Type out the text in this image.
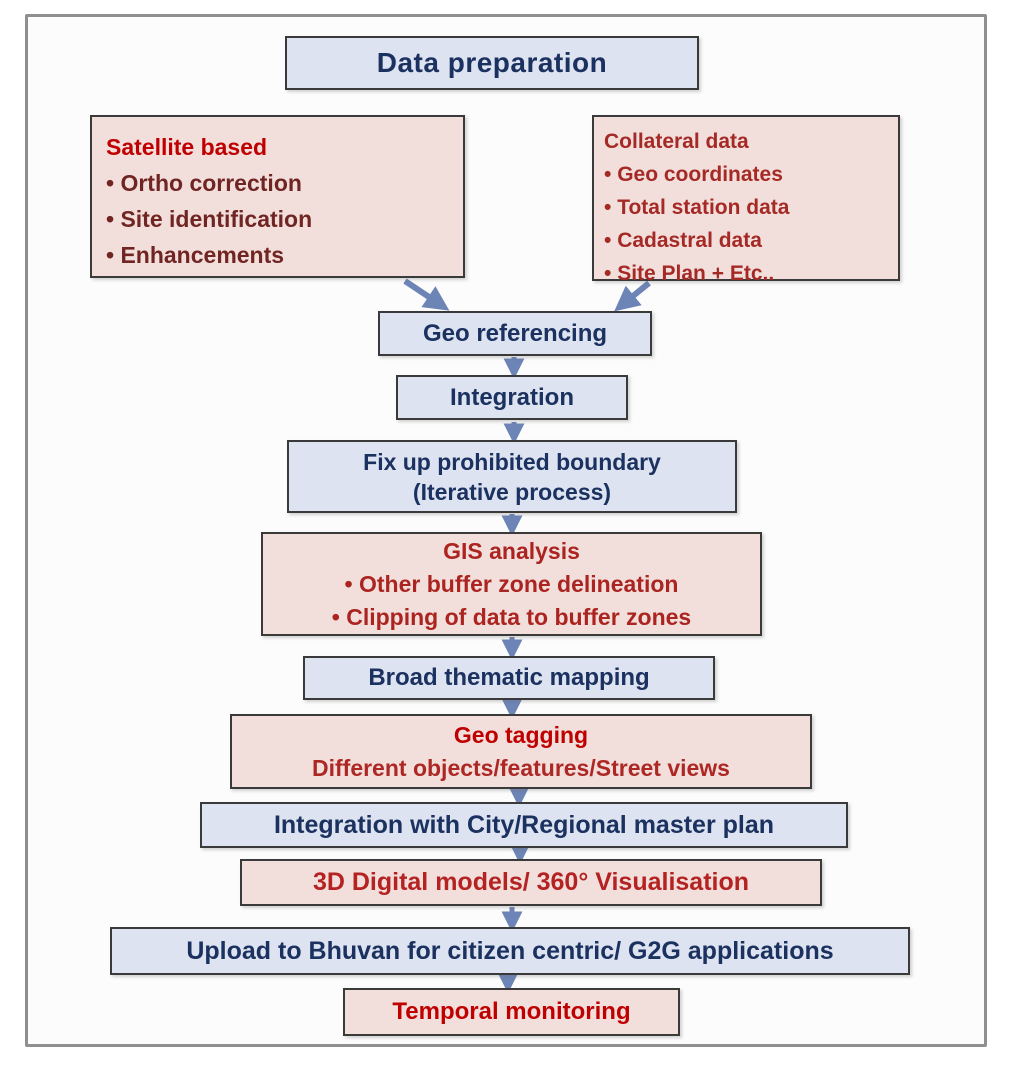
Data preparation
Satellite based
• Ortho correction
• Site identification
• Enhancements
Collateral data
• Geo coordinates
• Total station data
• Cadastral data
• Site Plan + Etc..
Geo referencing
Integration
Fix up prohibited boundary
(Iterative process)
GIS analysis
• Other buffer zone delineation
• Clipping of data to buffer zones
Broad thematic mapping
Geo tagging
Different objects/features/Street views
Integration with City/Regional master plan
3D Digital models/ 360° Visualisation
Upload to Bhuvan for citizen centric/ G2G applications
Temporal monitoring
